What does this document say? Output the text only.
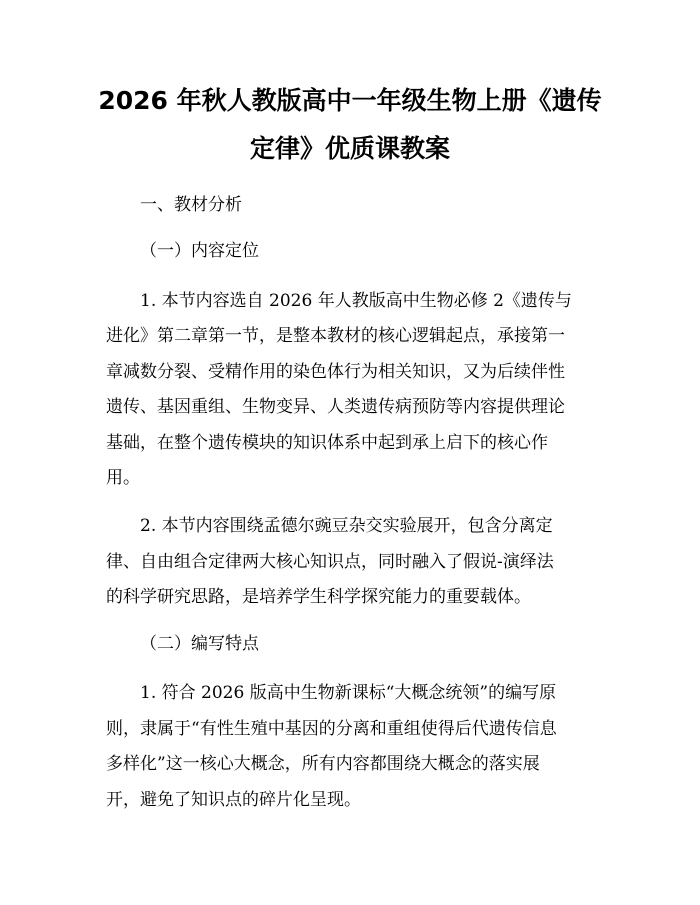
2026 年秋人教版高中一年级生物上册《遗传
定律》优质课教案

一、教材分析

（一）内容定位

1. 本节内容选自 2026 年人教版高中生物必修 2《遗传与

进化》第二章第一节，是整本教材的核心逻辑起点，承接第一

章减数分裂、受精作用的染色体行为相关知识，又为后续伴性

遗传、基因重组、生物变异、人类遗传病预防等内容提供理论

基础，在整个遗传模块的知识体系中起到承上启下的核心作

用。

2. 本节内容围绕孟德尔豌豆杂交实验展开，包含分离定

律、自由组合定律两大核心知识点，同时融入了假说-演绎法

的科学研究思路，是培养学生科学探究能力的重要载体。

（二）编写特点

1. 符合 2026 版高中生物新课标“大概念统领”的编写原

则，隶属于“有性生殖中基因的分离和重组使得后代遗传信息

多样化”这一核心大概念，所有内容都围绕大概念的落实展

开，避免了知识点的碎片化呈现。
